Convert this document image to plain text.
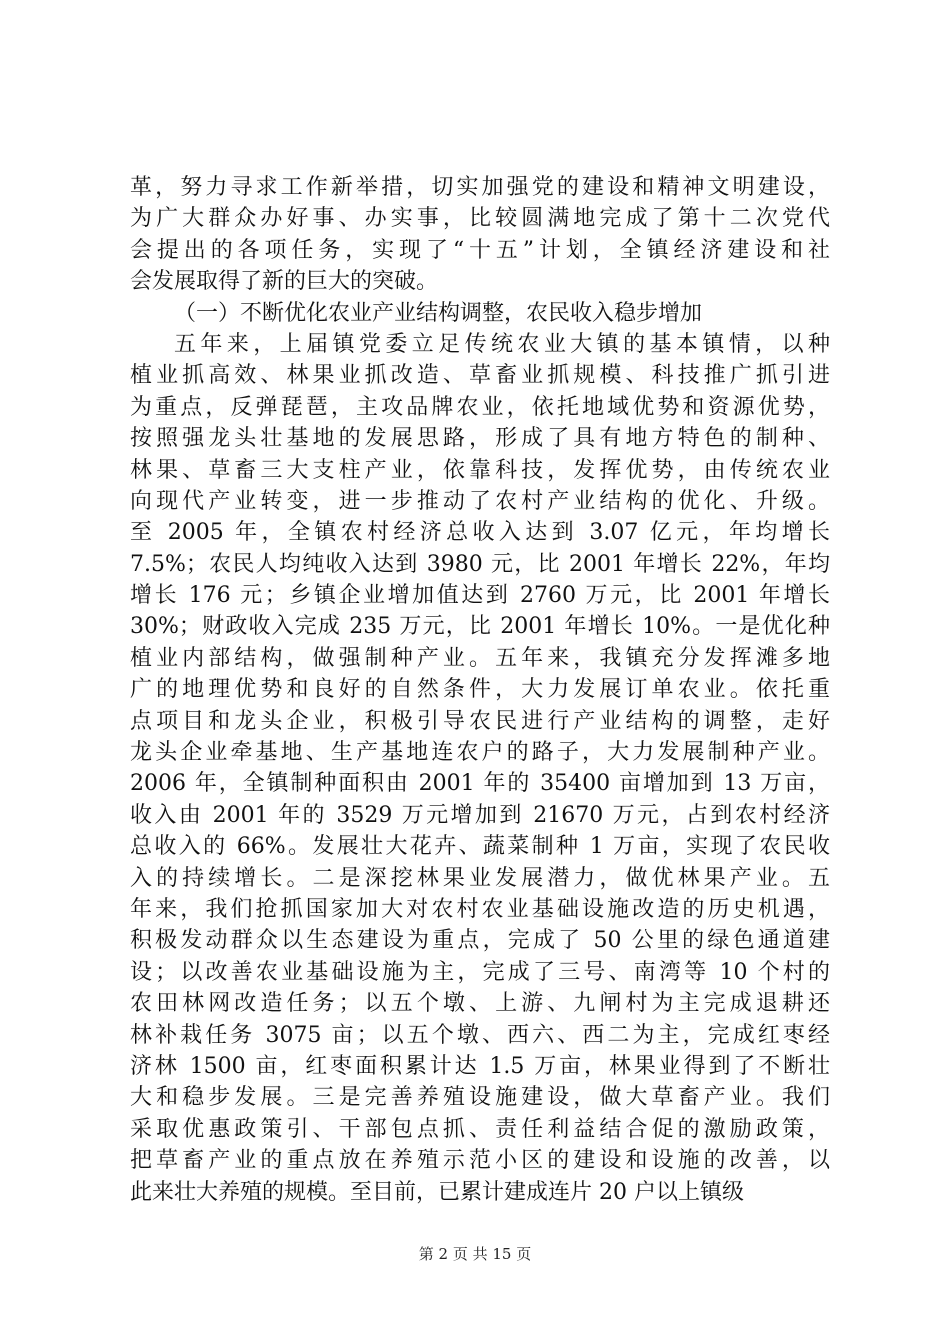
革，努力寻求工作新举措，切实加强党的建设和精神文明建设，
为广大群众办好事、办实事，比较圆满地完成了第十二次党代
会提出的各项任务，实现了“十五”计划，全镇经济建设和社
会发展取得了新的巨大的突破。
（一）不断优化农业产业结构调整，农民收入稳步增加
五年来，上届镇党委立足传统农业大镇的基本镇情，以种
植业抓高效、林果业抓改造、草畜业抓规模、科技推广抓引进
为重点，反弹琵琶，主攻品牌农业，依托地域优势和资源优势，
按照强龙头壮基地的发展思路，形成了具有地方特色的制种、
林果、草畜三大支柱产业，依靠科技，发挥优势，由传统农业
向现代产业转变，进一步推动了农村产业结构的优化、升级。
至 2005 年，全镇农村经济总收入达到 3.07 亿元，年均增长
7.5%；农民人均纯收入达到 3980 元，比 2001 年增长 22%，年均
增长 176 元；乡镇企业增加值达到 2760 万元，比 2001 年增长
30%；财政收入完成 235 万元，比 2001 年增长 10%。一是优化种
植业内部结构，做强制种产业。五年来，我镇充分发挥滩多地
广的地理优势和良好的自然条件，大力发展订单农业。依托重
点项目和龙头企业，积极引导农民进行产业结构的调整，走好
龙头企业牵基地、生产基地连农户的路子，大力发展制种产业。
2006 年，全镇制种面积由 2001 年的 35400 亩增加到 13 万亩，
收入由 2001 年的 3529 万元增加到 21670 万元，占到农村经济
总收入的 66%。发展壮大花卉、蔬菜制种 1 万亩，实现了农民收
入的持续增长。二是深挖林果业发展潜力，做优林果产业。五
年来，我们抢抓国家加大对农村农业基础设施改造的历史机遇，
积极发动群众以生态建设为重点，完成了 50 公里的绿色通道建
设；以改善农业基础设施为主，完成了三号、南湾等 10 个村的
农田林网改造任务；以五个墩、上游、九闸村为主完成退耕还
林补栽任务 3075 亩；以五个墩、西六、西二为主，完成红枣经
济林 1500 亩，红枣面积累计达 1.5 万亩，林果业得到了不断壮
大和稳步发展。三是完善养殖设施建设，做大草畜产业。我们
采取优惠政策引、干部包点抓、责任利益结合促的激励政策，
把草畜产业的重点放在养殖示范小区的建设和设施的改善，以
此来壮大养殖的规模。至目前，已累计建成连片 20 户以上镇级
第 2 页 共 15 页
